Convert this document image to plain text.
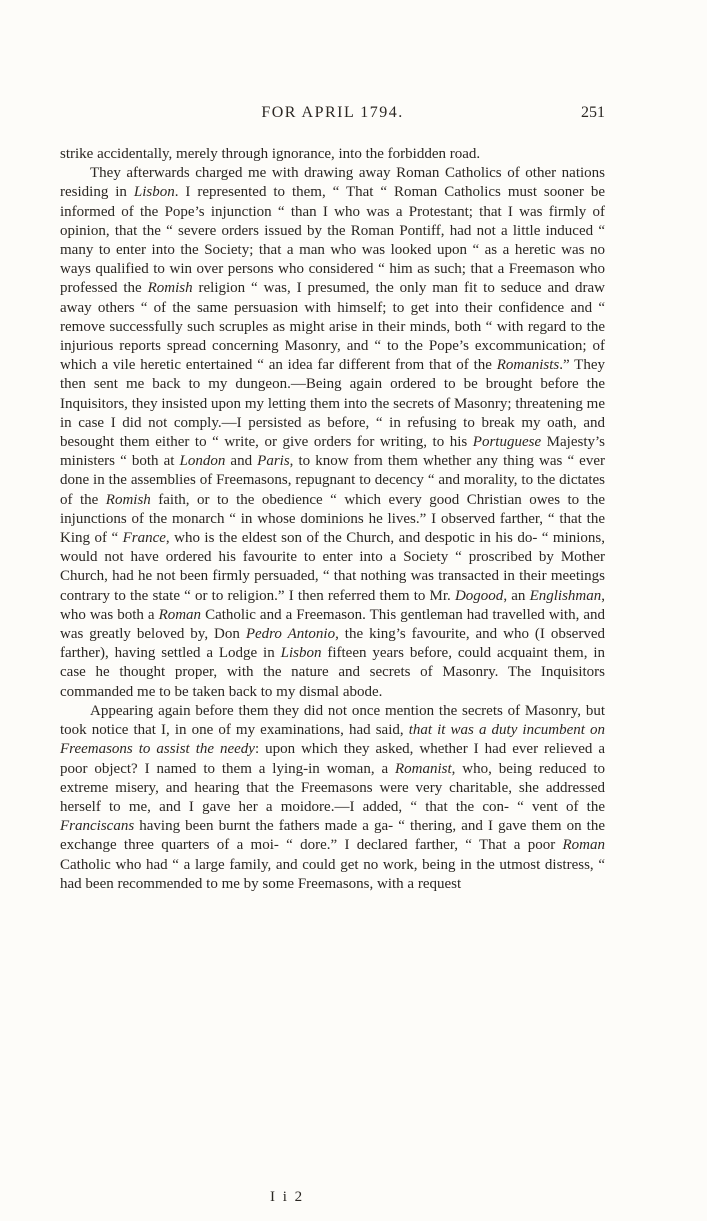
FOR APRIL 1794.	251

strike accidentally, merely through ignorance, into the forbidden road.

They afterwards charged me with drawing away Roman Catholics of other nations residing in Lisbon. I represented to them, “ That “ Roman Catholics must sooner be informed of the Pope’s injunction “ than I who was a Protestant; that I was firmly of opinion, that the “ severe orders issued by the Roman Pontiff, had not a little induced “ many to enter into the Society; that a man who was looked upon “ as a heretic was no ways qualified to win over persons who considered “ him as such; that a Freemason who professed the Romish religion “ was, I presumed, the only man fit to seduce and draw away others “ of the same persuasion with himself; to get into their confidence and “ remove successfully such scruples as might arise in their minds, both “ with regard to the injurious reports spread concerning Masonry, and “ to the Pope’s excommunication; of which a vile heretic entertained “ an idea far different from that of the Romanists.” They then sent me back to my dungeon.—Being again ordered to be brought before the Inquisitors, they insisted upon my letting them into the secrets of Masonry; threatening me in case I did not comply.—I persisted as before, “ in refusing to break my oath, and besought them either to “ write, or give orders for writing, to his Portuguese Majesty’s ministers “ both at London and Paris, to know from them whether any thing was “ ever done in the assemblies of Freemasons, repugnant to decency “ and morality, to the dictates of the Romish faith, or to the obedience “ which every good Christian owes to the injunctions of the monarch “ in whose dominions he lives.” I observed farther, “ that the King of “ France, who is the eldest son of the Church, and despotic in his do- “ minions, would not have ordered his favourite to enter into a Society “ proscribed by Mother Church, had he not been firmly persuaded, “ that nothing was transacted in their meetings contrary to the state “ or to religion.” I then referred them to Mr. Dogood, an Englishman, who was both a Roman Catholic and a Freemason. This gentleman had travelled with, and was greatly beloved by, Don Pedro Antonio, the king’s favourite, and who (I observed farther), having settled a Lodge in Lisbon fifteen years before, could acquaint them, in case he thought proper, with the nature and secrets of Masonry. The Inquisitors commanded me to be taken back to my dismal abode.

Appearing again before them they did not once mention the secrets of Masonry, but took notice that I, in one of my examinations, had said, that it was a duty incumbent on Freemasons to assist the needy: upon which they asked, whether I had ever relieved a poor object? I named to them a lying-in woman, a Romanist, who, being reduced to extreme misery, and hearing that the Freemasons were very charitable, she addressed herself to me, and I gave her a moidore.—I added, “ that the con- “ vent of the Franciscans having been burnt the fathers made a ga- “ thering, and I gave them on the exchange three quarters of a moi- “ dore.” I declared farther, “ That a poor Roman Catholic who had “ a large family, and could get no work, being in the utmost distress, “ had been recommended to me by some Freemasons, with a request

I i 2
